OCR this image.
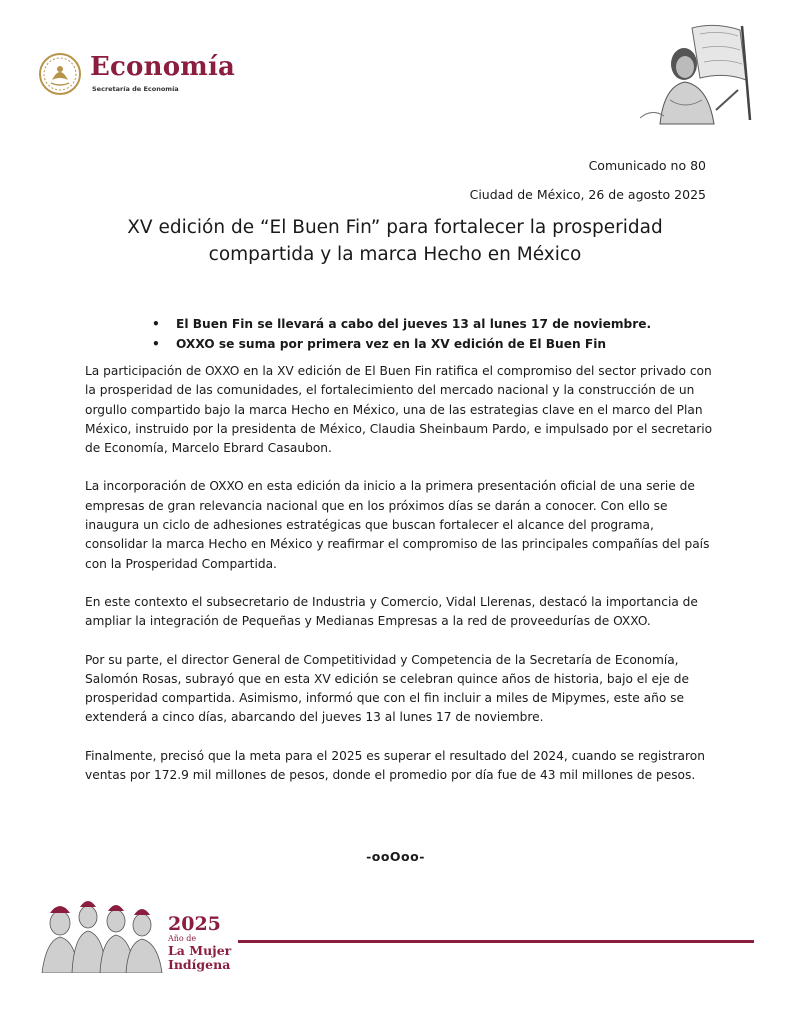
Economía
Secretaría de Economía
Comunicado no 80
Ciudad de México, 26 de agosto 2025
XV edición de “El Buen Fin” para fortalecer la prosperidad
compartida y la marca Hecho en México
• El Buen Fin se llevará a cabo del jueves 13 al lunes 17 de noviembre.
• OXXO se suma por primera vez en la XV edición de El Buen Fin

La participación de OXXO en la XV edición de El Buen Fin ratifica el compromiso del sector privado con la prosperidad de las comunidades, el fortalecimiento del mercado nacional y la construcción de un orgullo compartido bajo la marca Hecho en México, una de las estrategias clave en el marco del Plan México, instruido por la presidenta de México, Claudia Sheinbaum Pardo, e impulsado por el secretario de Economía, Marcelo Ebrard Casaubon.

La incorporación de OXXO en esta edición da inicio a la primera presentación oficial de una serie de empresas de gran relevancia nacional que en los próximos días se darán a conocer. Con ello se inaugura un ciclo de adhesiones estratégicas que buscan fortalecer el alcance del programa, consolidar la marca Hecho en México y reafirmar el compromiso de las principales compañías del país con la Prosperidad Compartida.

En este contexto el subsecretario de Industria y Comercio, Vidal Llerenas, destacó la importancia de ampliar la integración de Pequeñas y Medianas Empresas a la red de proveedurías de OXXO.

Por su parte, el director General de Competitividad y Competencia de la Secretaría de Economía, Salomón Rosas, subrayó que en esta XV edición se celebran quince años de historia, bajo el eje de prosperidad compartida. Asimismo, informó que con el fin incluir a miles de Mipymes, este año se extenderá a cinco días, abarcando del jueves 13 al lunes 17 de noviembre.

Finalmente, precisó que la meta para el 2025 es superar el resultado del 2024, cuando se registraron ventas por 172.9 mil millones de pesos, donde el promedio por día fue de 43 mil millones de pesos.

-ooOoo-
2025
Año de
La Mujer
Indígena
